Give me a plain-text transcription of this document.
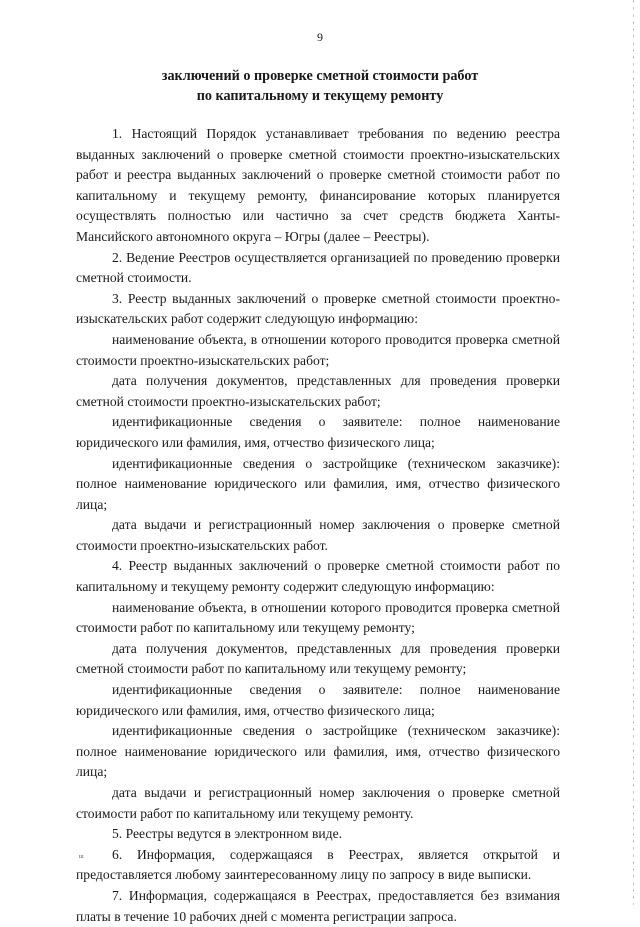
9
заключений о проверке сметной стоимости работ
по капитальному и текущему ремонту

1. Настоящий Порядок устанавливает требования по ведению реестра выданных заключений о проверке сметной стоимости проектно-изыскательских работ и реестра выданных заключений о проверке сметной стоимости работ по капитальному и текущему ремонту, финансирование которых планируется осуществлять полностью или частично за счет средств бюджета Ханты-Мансийского автономного округа – Югры (далее – Реестры).

2. Ведение Реестров осуществляется организацией по проведению проверки сметной стоимости.

3. Реестр выданных заключений о проверке сметной стоимости проектно-изыскательских работ содержит следующую информацию:

наименование объекта, в отношении которого проводится проверка сметной стоимости проектно-изыскательских работ;

дата получения документов, представленных для проведения проверки сметной стоимости проектно-изыскательских работ;

идентификационные сведения о заявителе: полное наименование юридического или фамилия, имя, отчество физического лица;

идентификационные сведения о застройщике (техническом заказчике): полное наименование юридического или фамилия, имя, отчество физического лица;

дата выдачи и регистрационный номер заключения о проверке сметной стоимости проектно-изыскательских работ.

4. Реестр выданных заключений о проверке сметной стоимости работ по капитальному и текущему ремонту содержит следующую информацию:

наименование объекта, в отношении которого проводится проверка сметной стоимости работ по капитальному или текущему ремонту;

дата получения документов, представленных для проведения проверки сметной стоимости работ по капитальному или текущему ремонту;

идентификационные сведения о заявителе: полное наименование юридического или фамилия, имя, отчество физического лица;

идентификационные сведения о застройщике (техническом заказчике): полное наименование юридического или фамилия, имя, отчество физического лица;

дата выдачи и регистрационный номер заключения о проверке сметной стоимости работ по капитальному или текущему ремонту.

5. Реестры ведутся в электронном виде.

6. Информация, содержащаяся в Реестрах, является открытой и предоставляется любому заинтересованному лицу по запросу в виде выписки.

7. Информация, содержащаяся в Реестрах, предоставляется без взимания платы в течение 10 рабочих дней с момента регистрации запроса.

ш
